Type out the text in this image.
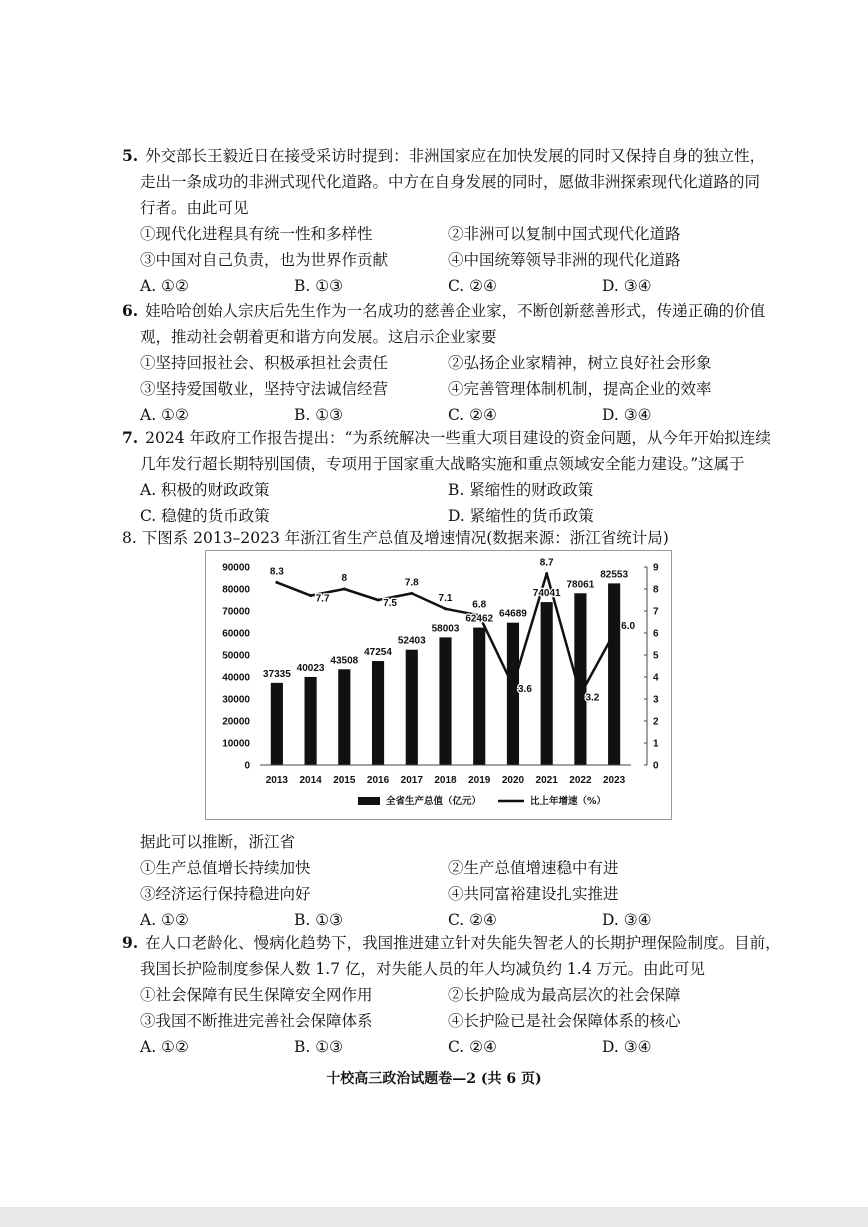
5. 外交部长王毅近日在接受采访时提到：非洲国家应在加快发展的同时又保持自身的独立性，
走出一条成功的非洲式现代化道路。中方在自身发展的同时，愿做非洲探索现代化道路的同
行者。由此可见
①现代化进程具有统一性和多样性	②非洲可以复制中国式现代化道路
③中国对自己负责，也为世界作贡献	④中国统筹领导非洲的现代化道路
A. ①②	B. ①③	C. ②④	D. ③④
6. 娃哈哈创始人宗庆后先生作为一名成功的慈善企业家，不断创新慈善形式，传递正确的价值
观，推动社会朝着更和谐方向发展。这启示企业家要
①坚持回报社会、积极承担社会责任	②弘扬企业家精神，树立良好社会形象
③坚持爱国敬业，坚持守法诚信经营	④完善管理体制机制，提高企业的效率
A. ①②	B. ①③	C. ②④	D. ③④
7. 2024 年政府工作报告提出：“为系统解决一些重大项目建设的资金问题，从今年开始拟连续
几年发行超长期特别国债，专项用于国家重大战略实施和重点领域安全能力建设。”这属于
A. 积极的财政政策	B. 紧缩性的财政政策
C. 稳健的货币政策	D. 紧缩性的货币政策
8. 下图系 2013–2023 年浙江省生产总值及增速情况(数据来源：浙江省统计局)
0
10000
20000
30000
40000
50000
60000
70000
80000
90000
0
1
2
3
4
5
6
7
8
9
2013 2014 2015 2016 2017 2018 2019 2020 2021 2022 2023
37335
40023
43508
47254
52403
58003
62462 64689
74041
78061
82553
8.3
7.7
8
7.5
7.8
7.1
6.8
3.6
8.7
3.2
6.0
全省生产总值（亿元）	比上年增速（%）
据此可以推断，浙江省
①生产总值增长持续加快	②生产总值增速稳中有进
③经济运行保持稳进向好	④共同富裕建设扎实推进
A. ①②	B. ①③	C. ②④	D. ③④
9. 在人口老龄化、慢病化趋势下，我国推进建立针对失能失智老人的长期护理保险制度。目前，
我国长护险制度参保人数 1.7 亿，对失能人员的年人均减负约 1.4 万元。由此可见
①社会保障有民生保障安全网作用	②长护险成为最高层次的社会保障
③我国不断推进完善社会保障体系	④长护险已是社会保障体系的核心
A. ①②	B. ①③	C. ②④	D. ③④
十校高三政治试题卷—2 (共 6 页)
